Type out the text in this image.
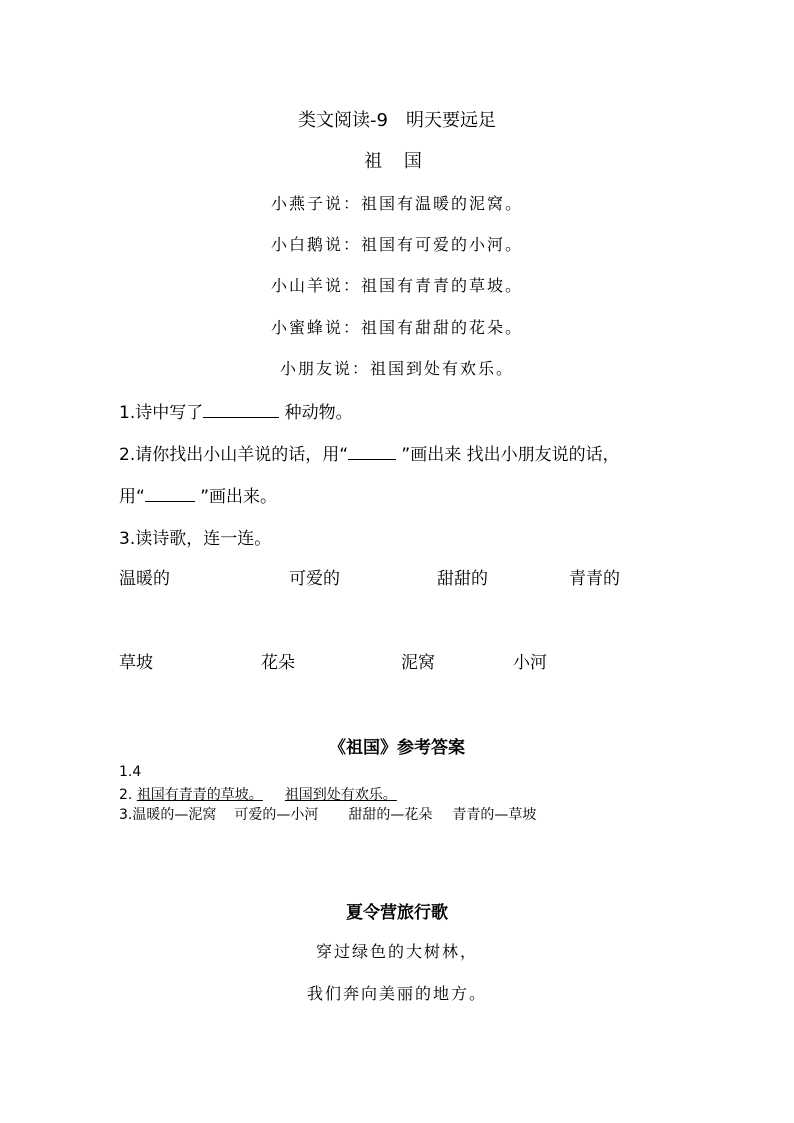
类文阅读-9　明天要远足
祖 国
小燕子说：祖国有温暖的泥窝。
小白鹅说：祖国有可爱的小河。
小山羊说：祖国有青青的草坡。
小蜜蜂说：祖国有甜甜的花朵。
小朋友说：祖国到处有欢乐。
1.诗中写了	种动物。
2.请你找出小山羊说的话，用“	”画出来 找出小朋友说的话，
用“	”画出来。
3.读诗歌，连一连。
温暖的	可爱的	甜甜的	青青的
草坡	花朵	泥窝	小河
《祖国》参考答案
1.4
2. 祖国有青青的草坡。 祖国到处有欢乐。
3.温暖的—泥窝 可爱的—小河 甜甜的—花朵 青青的—草坡
夏令营旅行歌
穿过绿色的大树林，
我们奔向美丽的地方。
